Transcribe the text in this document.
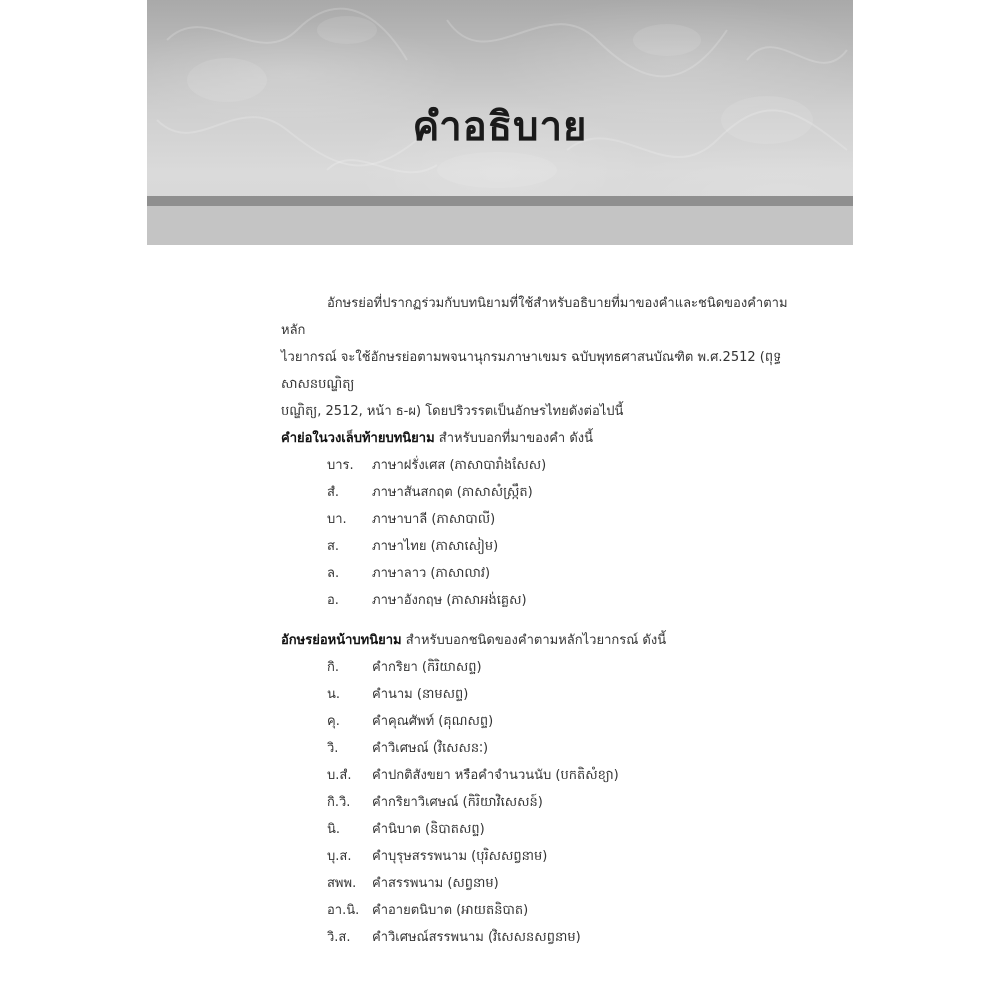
คำอธิบาย

อักษรย่อที่ปรากฏร่วมกับบทนิยามที่ใช้สำหรับอธิบายที่มาของคำและชนิดของคำตามหลัก

ไวยากรณ์ จะใช้อักษรย่อตามพจนานุกรมภาษาเขมร ฉบับพุทธศาสนบัณฑิต พ.ศ.2512 (ពុទ្ធសាសនបណ្ឌិត្យ

បណ្ឌិត្យ, 2512, หน้า ธ-ผ) โดยปริวรรตเป็นอักษรไทยดังต่อไปนี้

คำย่อในวงเล็บท้ายบทนิยาม สำหรับบอกที่มาของคำ ดังนี้

บาร.	ภาษาฝรั่งเศส (ភាសាបារាំងសែស)
สํ.	ภาษาสันสกฤต (ភាសាសំស្ក្រឹត)
บา.	ภาษาบาลี (ភាសាបាលី)
ส.	ภาษาไทย (ភាសាសៀម)
ล.	ภาษาลาว (ភាសាលាវ)
อ.	ภาษาอังกฤษ (ភាសាអង់គ្លេស)

อักษรย่อหน้าบทนิยาม สำหรับบอกชนิดของคำตามหลักไวยากรณ์ ดังนี้

กิ.	คำกริยา (កិរិយាសព្ទ)
น.	คำนาม (នាមសព្ទ)
คุ.	คำคุณศัพท์ (គុណសព្ទ)
วิ.	คำวิเศษณ์ (វិសេសនៈ)
บ.สํ.	คำปกติสังขยา หรือคำจำนวนนับ (បកតិសំខ្យា)
กิ.วิ.	คำกริยาวิเศษณ์ (កិរិយាវិសេសន៍)
นิ.	คำนิบาต (និបាតសព្ទ)
บุ.ส.	คำบุรุษสรรพนาม (បុរិសសព្វនាម)
สพพ.	คำสรรพนาม (សព្វនាម)
อา.นิ. คำอายตนิบาต (អាយតនិបាត)
วิ.ส.	คำวิเศษณ์สรรพนาม (វិសេសនសព្វនាម)
